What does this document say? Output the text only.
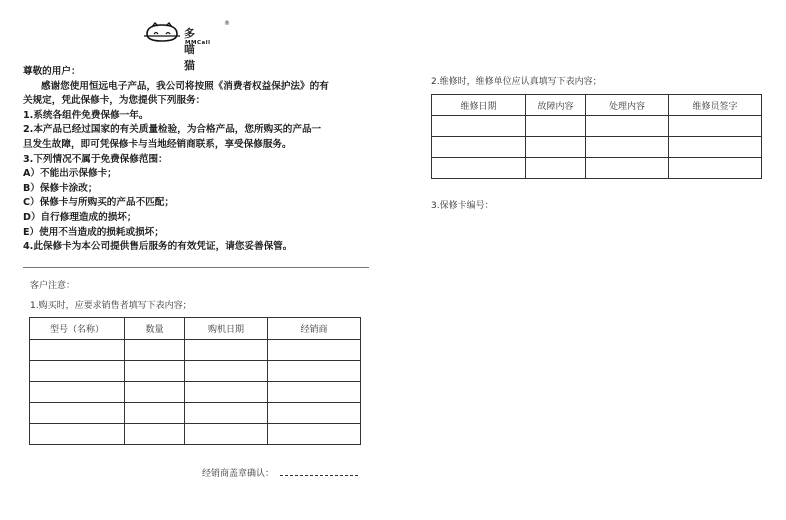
多喵猫
®
MMCall
尊敬的用户：
感谢您使用恒远电子产品，我公司将按照《消费者权益保护法》的有
关规定，凭此保修卡，为您提供下列服务：
1.系统各组件免费保修一年。
2.本产品已经过国家的有关质量检验，为合格产品，您所购买的产品一
旦发生故障，即可凭保修卡与当地经销商联系，享受保修服务。
3.下列情况不属于免费保修范围：
A）不能出示保修卡；
B）保修卡涂改；
C）保修卡与所购买的产品不匹配；
D）自行修理造成的损坏；
E）使用不当造成的损耗或损坏；
4.此保修卡为本公司提供售后服务的有效凭证，请您妥善保管。
客户注意：
1.购买时，应要求销售者填写下表内容；
型号（名称）	数量	购机日期	经销商

经销商盖章确认：
2.维修时，维修单位应认真填写下表内容；
维修日期	故障内容	处理内容	维修员签字

3.保修卡编号：
